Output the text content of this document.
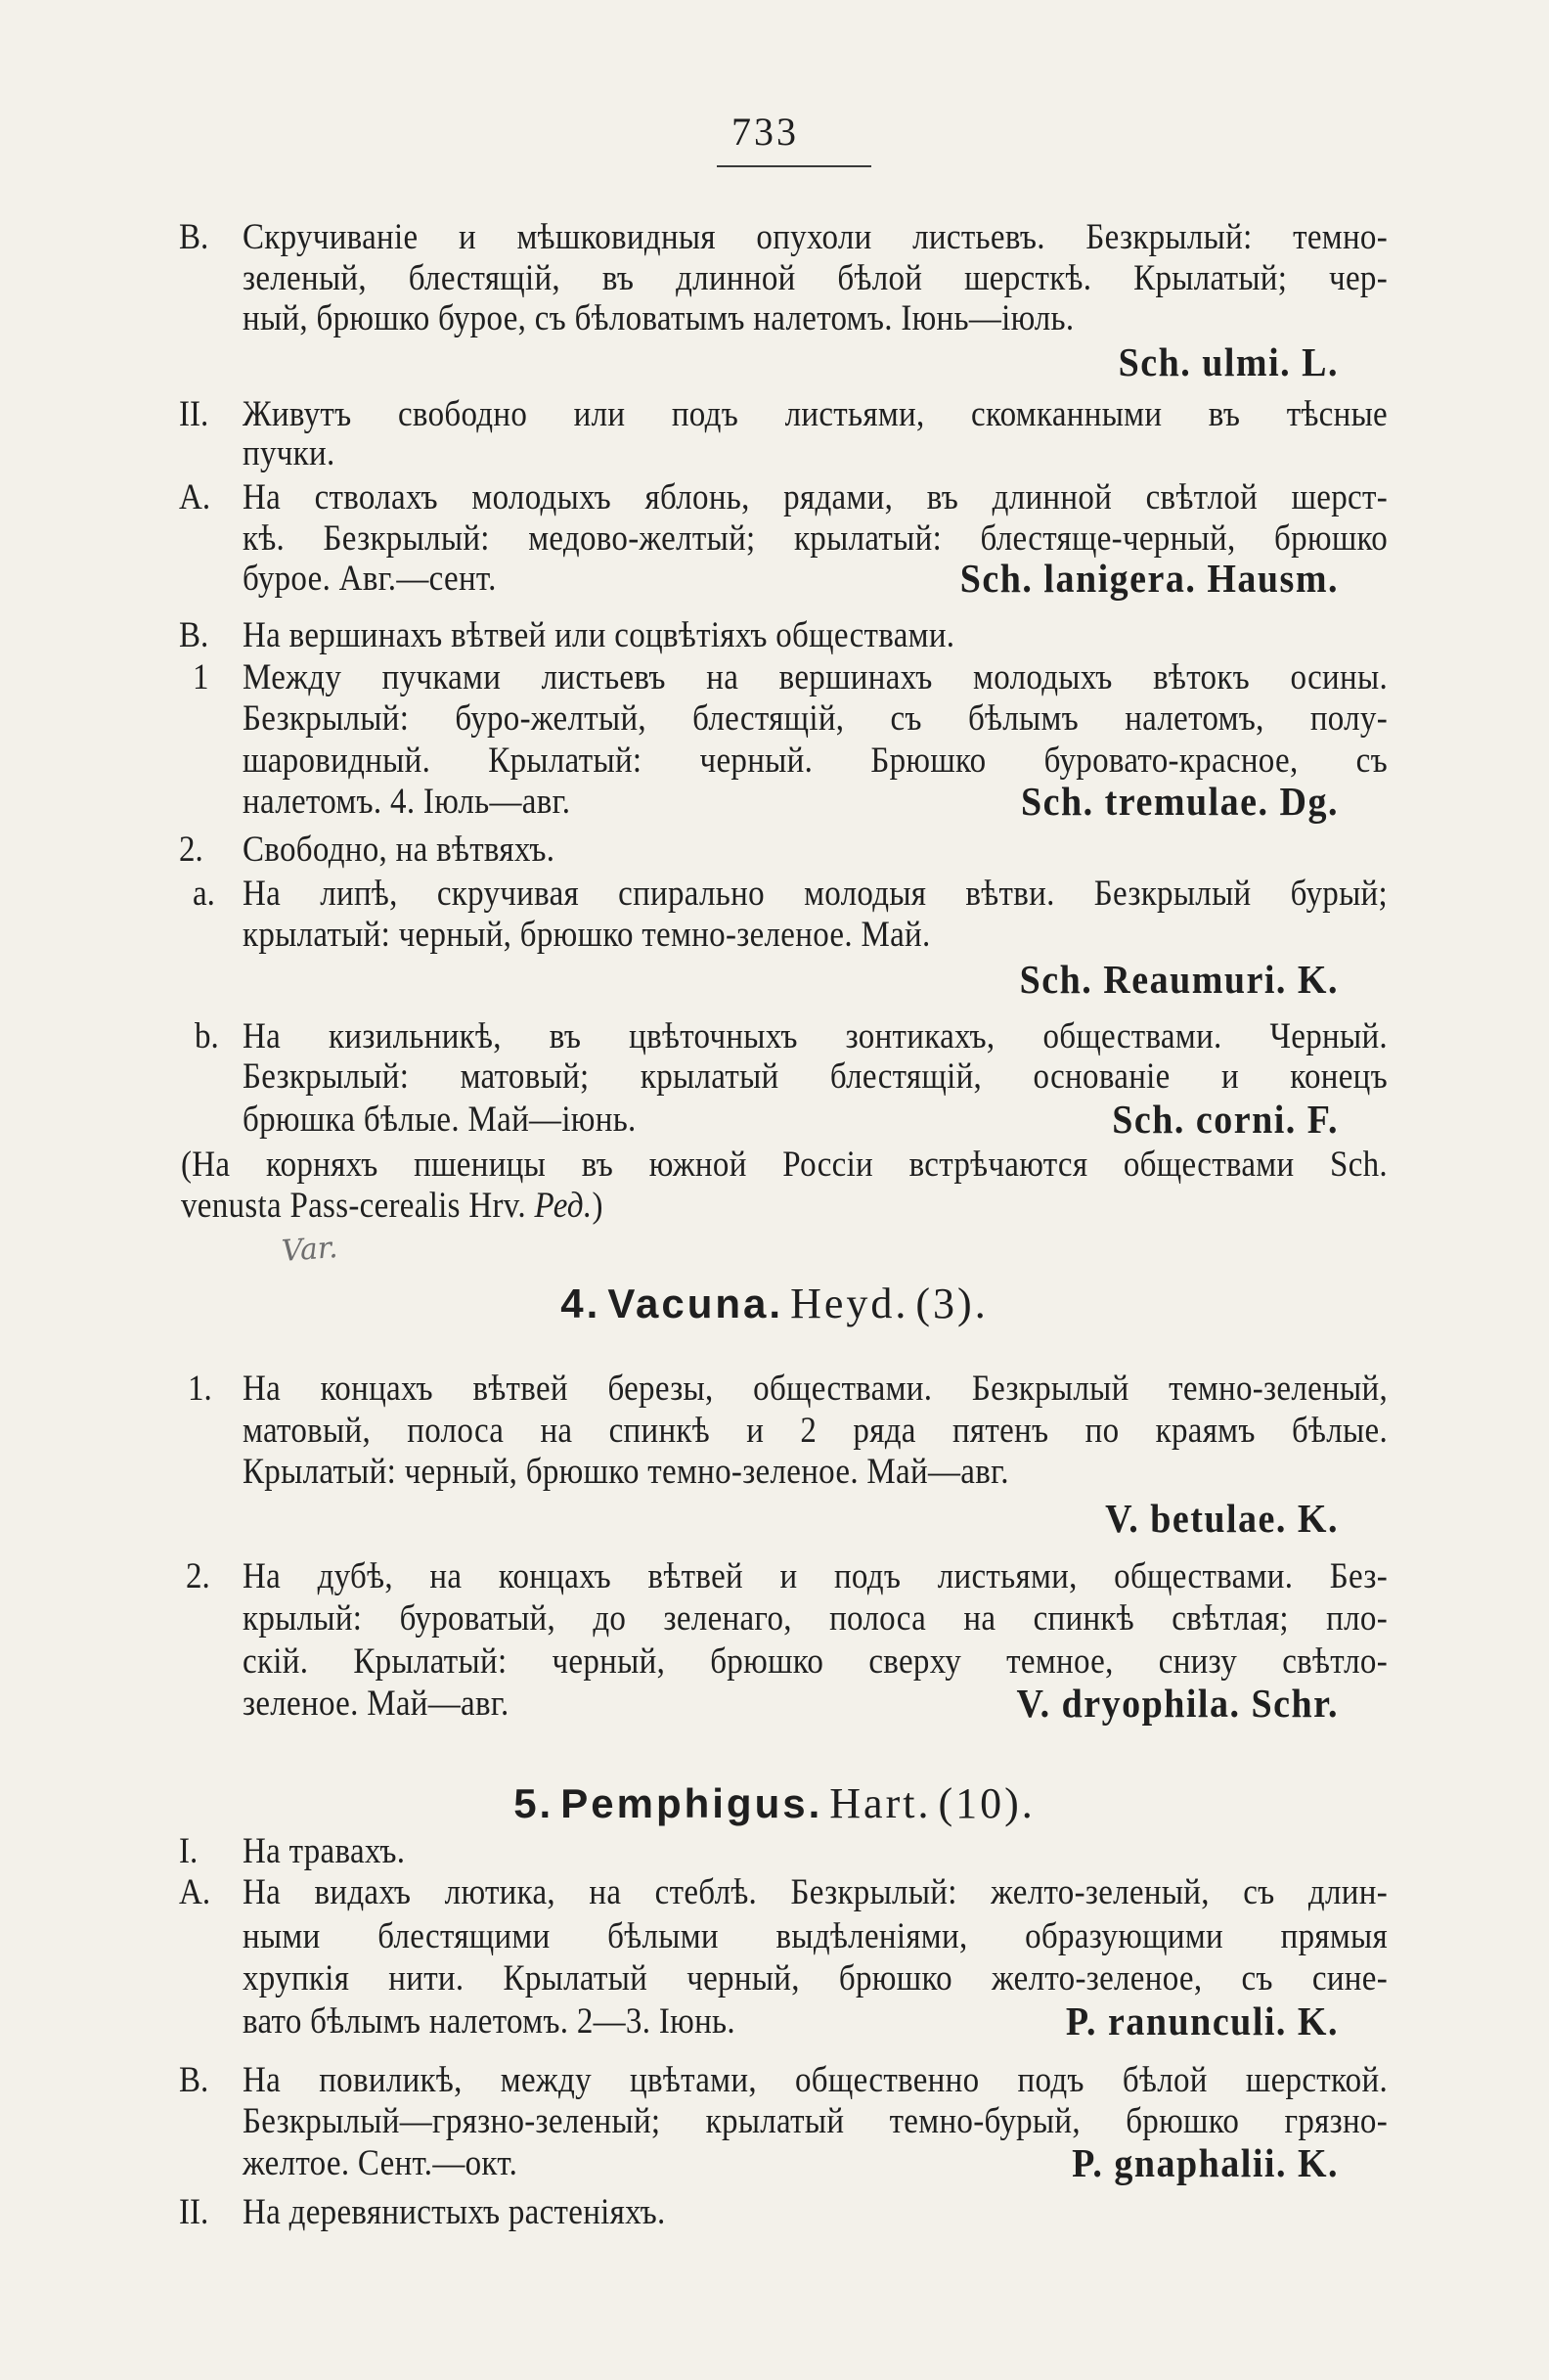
733
B.	Скручиваніе и мѣшковидныя опухоли листьевъ. Безкрылый: темно-
зеленый, блестящій, въ длинной бѣлой шерсткѣ. Крылатый; чер-
ный, брюшко бурое, съ бѣловатымъ налетомъ. Іюнь—іюль.
Sch. ulmi. L.
II.	Живутъ свободно или подъ листьями, скомканными въ тѣсные
пучки.
A. На стволахъ молодыхъ яблонь, рядами, въ длинной свѣтлой шерст-
кѣ. Безкрылый: медово-желтый; крылатый: блестяще-черный, брюшко
бурое. Авг.—сент.	Sch. lanigera. Hausm.
B.	На вершинахъ вѣтвей или соцвѣтіяхъ обществами.
1	Между пучками листьевъ на вершинахъ молодыхъ вѣтокъ осины.
Безкрылый: буро-желтый, блестящій, съ бѣлымъ налетомъ, полу-
шаровидный. Крылатый: черный. Брюшко буровато-красное, съ
налетомъ. 4. Іюль—авг.	Sch. tremulae. Dg.
2.	Свободно, на вѣтвяхъ.
a. На липѣ, скручивая спирально молодыя вѣтви. Безкрылый бурый;
крылатый: черный, брюшко темно-зеленое. Май.
Sch. Reaumuri. K.
b. На кизильникѣ, въ цвѣточныхъ зонтикахъ, обществами. Черный.
Безкрылый: матовый; крылатый блестящій, основаніе и конецъ
брюшка бѣлые. Май—іюнь.	Sch. corni. F.
(На корняхъ пшеницы въ южной Россіи встрѣчаются обществами Sch.
venusta Pass-cerealis Hrv. Ред.)
Var.
4. Vacuna. Heyd. (3).
1. На концахъ вѣтвей березы, обществами. Безкрылый темно-зеленый,
матовый, полоса на спинкѣ и 2 ряда пятенъ по краямъ бѣлые.
Крылатый: черный, брюшко темно-зеленое. Май—авг.
V. betulae. K.
2.	На дубѣ, на концахъ вѣтвей и подъ листьями, обществами. Без-
крылый: буроватый, до зеленаго, полоса на спинкѣ свѣтлая; пло-
скій. Крылатый: черный, брюшко сверху темное, снизу свѣтло-
зеленое. Май—авг.	V. dryophila. Schr.
5. Pemphigus. Hart. (10).
I.	На травахъ.
A. На видахъ лютика, на стеблѣ. Безкрылый: желто-зеленый, съ длин-
ными блестящими бѣлыми выдѣленіями, образующими прямыя
хрупкія нити. Крылатый черный, брюшко желто-зеленое, съ сине-
вато бѣлымъ налетомъ. 2—3. Іюнь.	P. ranunculi. K.
B.	На повиликѣ, между цвѣтами, общественно подъ бѣлой шерсткой.
Безкрылый—грязно-зеленый; крылатый темно-бурый, брюшко грязно-
желтое. Сент.—окт.	P. gnaphalii. K.
II.	На деревянистыхъ растеніяхъ.
